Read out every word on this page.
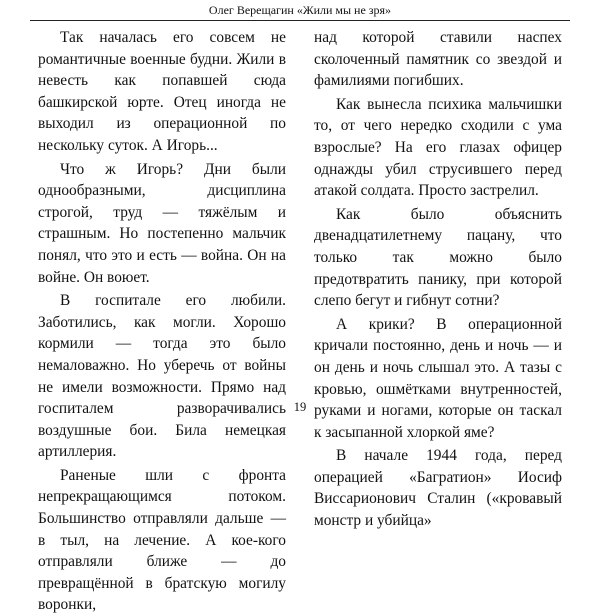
Олег Верещагин «Жили мы не зря»

Так началась его совсем не романтичные военные будни. Жили в невесть как попавшей сюда башкирской юрте. Отец иногда не выходил из операционной по нескольку суток. А Игорь...

Что ж Игорь? Дни были однообразными, дисциплина строгой, труд — тяжёлым и страшным. Но постепенно мальчик понял, что это и есть — война. Он на войне. Он воюет.

В госпитале его любили. Заботились, как могли. Хорошо кормили — тогда это было немаловажно. Но уберечь от войны не имели возможности. Прямо над госпиталем разворачивались воздушные бои. Била немецкая артиллерия.

Раненые шли с фронта непрекращающимся потоком. Большинство отправляли дальше — в тыл, на лечение. А кое-кого отправляли ближе — до превращённой в братскую могилу воронки,

над которой ставили наспех сколоченный памятник со звездой и фамилиями погибших.

Как вынесла психика мальчишки то, от чего нередко сходили с ума взрослые? На его глазах офицер однажды убил струсившего перед атакой солдата. Просто застрелил.

Как было объяснить двенадцатилетнему пацану, что только так можно было предотвратить панику, при которой слепо бегут и гибнут сотни?

А крики? В операционной кричали постоянно, день и ночь — и он день и ночь слышал это. А тазы с кровью, ошмётками внутренностей, руками и ногами, которые он таскал к засыпанной хлоркой яме?

В начале 1944 года, перед операцией «Багратион» Иосиф Виссарионович Сталин («кровавый монстр и убийца»

19
